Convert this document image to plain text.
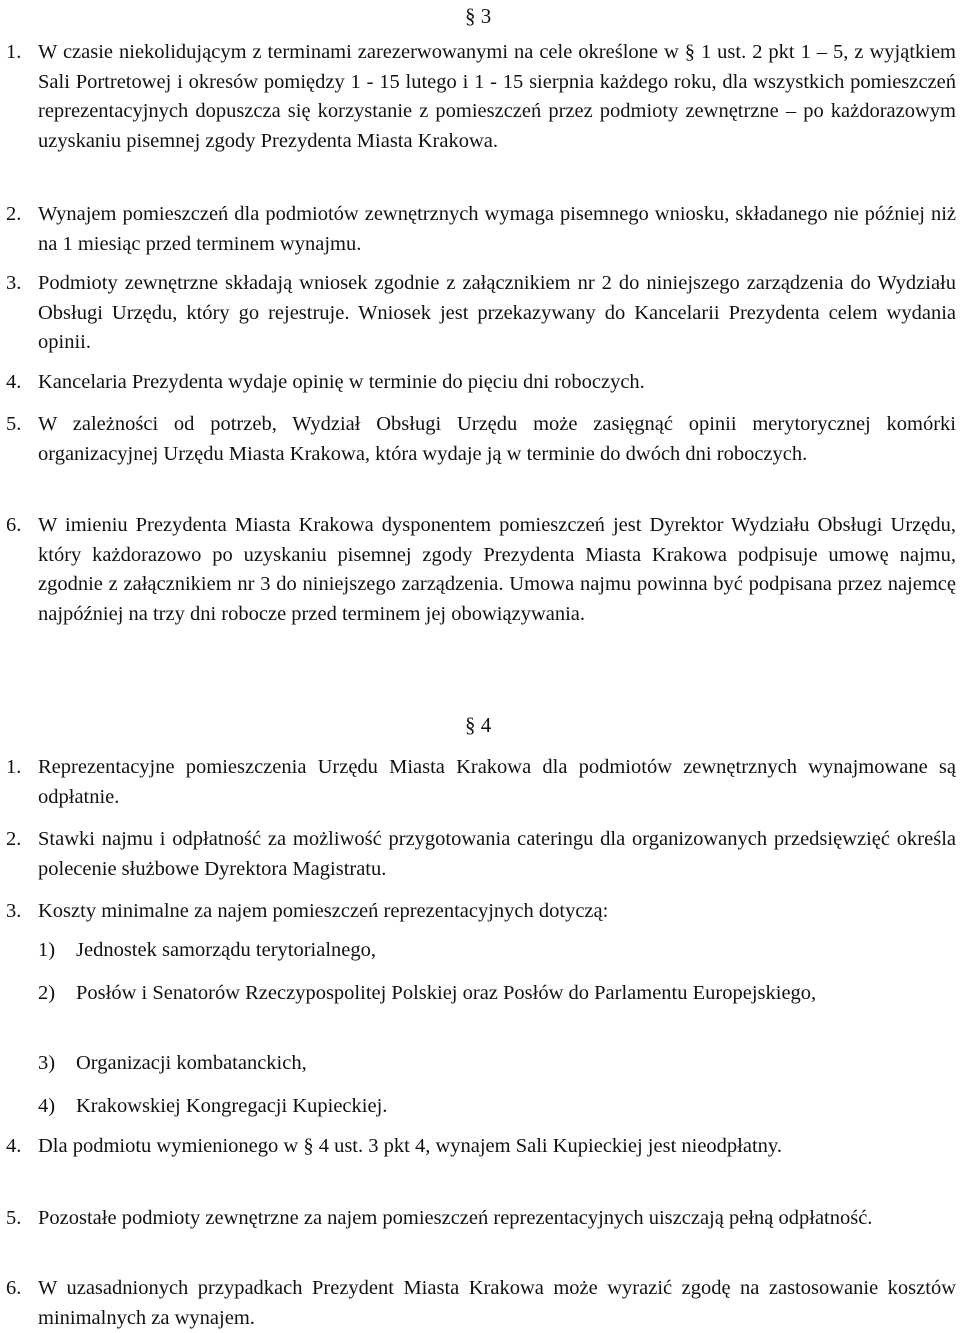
§ 3
1. W czasie niekolidującym z terminami zarezerwowanymi na cele określone w § 1 ust. 2 pkt 1 – 5, z wyjątkiem Sali Portretowej i okresów pomiędzy 1 - 15 lutego i 1 - 15 sierpnia każdego roku, dla wszystkich pomieszczeń reprezentacyjnych dopuszcza się korzystanie z pomieszczeń przez podmioty zewnętrzne – po każdorazowym uzyskaniu pisemnej zgody Prezydenta Miasta Krakowa.
2. Wynajem pomieszczeń dla podmiotów zewnętrznych wymaga pisemnego wniosku, składanego nie później niż na 1 miesiąc przed terminem wynajmu.
3. Podmioty zewnętrzne składają wniosek zgodnie z załącznikiem nr 2 do niniejszego zarządzenia do Wydziału Obsługi Urzędu, który go rejestruje. Wniosek jest przekazywany do Kancelarii Prezydenta celem wydania opinii.
4. Kancelaria Prezydenta wydaje opinię w terminie do pięciu dni roboczych.
5. W zależności od potrzeb, Wydział Obsługi Urzędu może zasięgnąć opinii merytorycznej komórki organizacyjnej Urzędu Miasta Krakowa, która wydaje ją w terminie do dwóch dni roboczych.
6. W imieniu Prezydenta Miasta Krakowa dysponentem pomieszczeń jest Dyrektor Wydziału Obsługi Urzędu, który każdorazowo po uzyskaniu pisemnej zgody Prezydenta Miasta Krakowa podpisuje umowę najmu, zgodnie z załącznikiem nr 3 do niniejszego zarządzenia. Umowa najmu powinna być podpisana przez najemcę najpóźniej na trzy dni robocze przed terminem jej obowiązywania.
§ 4
1. Reprezentacyjne pomieszczenia Urzędu Miasta Krakowa dla podmiotów zewnętrznych wynajmowane są odpłatnie.
2. Stawki najmu i odpłatność za możliwość przygotowania cateringu dla organizowanych przedsięwzięć określa polecenie służbowe Dyrektora Magistratu.
3. Koszty minimalne za najem pomieszczeń reprezentacyjnych dotyczą:
1) Jednostek samorządu terytorialnego,
2) Posłów i Senatorów Rzeczypospolitej Polskiej oraz Posłów do Parlamentu Europejskiego,
3) Organizacji kombatanckich,
4) Krakowskiej Kongregacji Kupieckiej.
4. Dla podmiotu wymienionego w § 4 ust. 3 pkt 4, wynajem Sali Kupieckiej jest nieodpłatny.
5. Pozostałe podmioty zewnętrzne za najem pomieszczeń reprezentacyjnych uiszczają pełną odpłatność.
6. W uzasadnionych przypadkach Prezydent Miasta Krakowa może wyrazić zgodę na zastosowanie kosztów minimalnych za wynajem.
